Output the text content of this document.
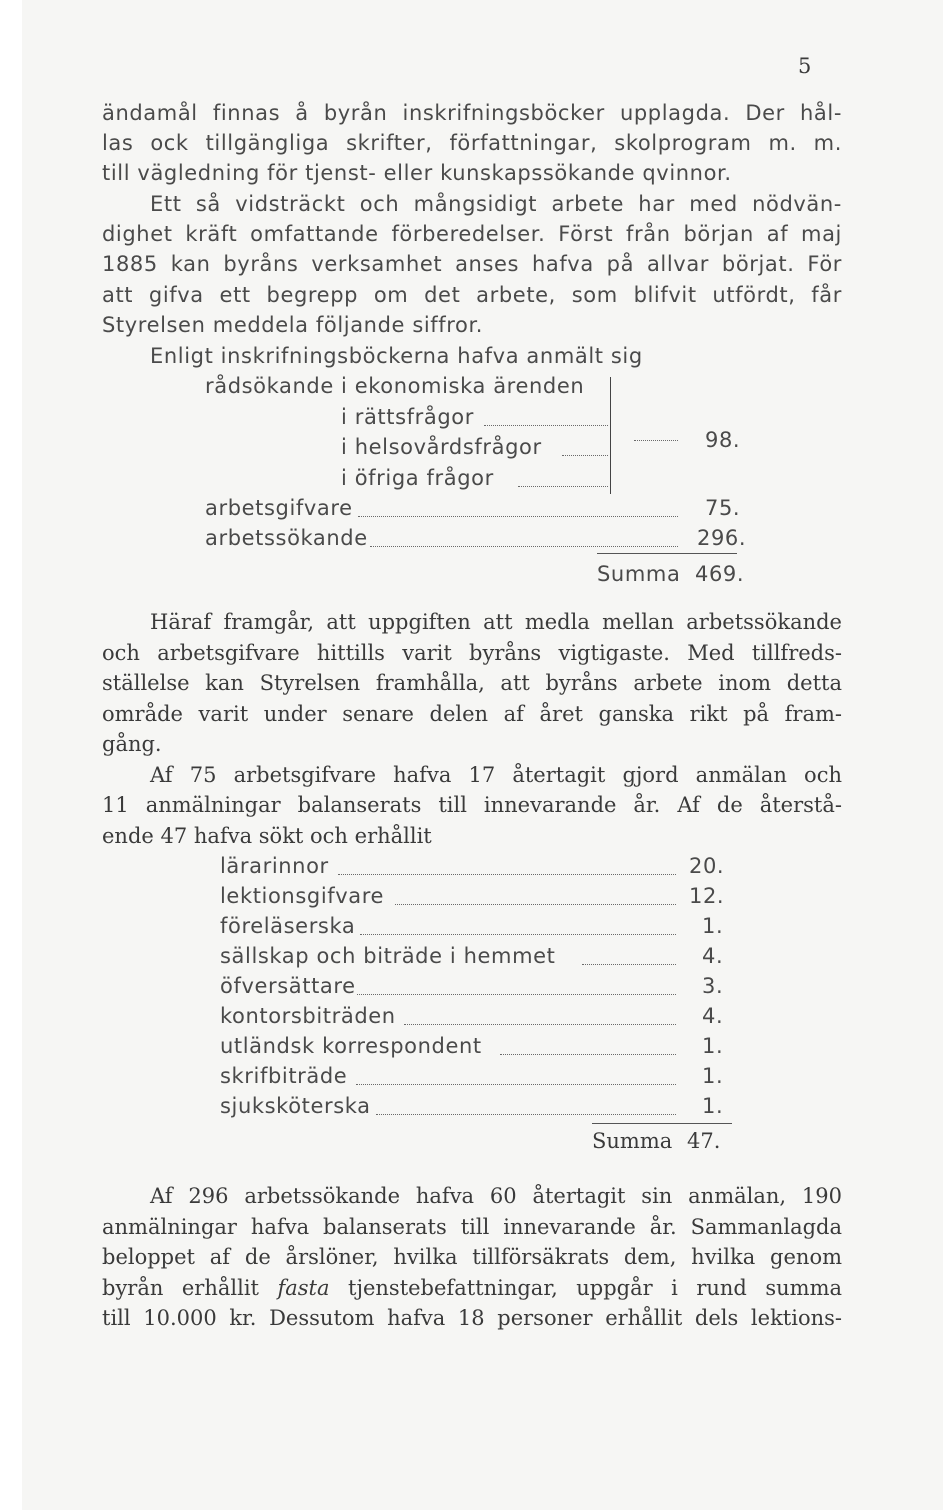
5
ändamål finnas å byrån inskrifningsböcker upplagda. Der hål-
las ock tillgängliga skrifter, författningar, skolprogram m. m.
till vägledning för tjenst- eller kunskapssökande qvinnor.
Ett så vidsträckt och mångsidigt arbete har med nödvän-
dighet kräft omfattande förberedelser. Först från början af maj
1885 kan byråns verksamhet anses hafva på allvar börjat. För
att gifva ett begrepp om det arbete, som blifvit utfördt, får
Styrelsen meddela följande siffror.
Enligt inskrifningsböckerna hafva anmält sig
rådsökande i ekonomiska ärenden
i rättsfrågor
i helsovårdsfrågor
i öfriga frågor
98.
arbetsgifvare	75.
arbetssökande	296.
Summa 469.
Häraf framgår, att uppgiften att medla mellan arbetssökande
och arbetsgifvare hittills varit byråns vigtigaste. Med tillfreds-
ställelse kan Styrelsen framhålla, att byråns arbete inom detta
område varit under senare delen af året ganska rikt på fram-
gång.
Af 75 arbetsgifvare hafva 17 återtagit gjord anmälan och
11 anmälningar balanserats till innevarande år. Af de återstå-
ende 47 hafva sökt och erhållit
lärarinnor	20.
lektionsgifvare	12.
föreläserska	1.
sällskap och biträde i hemmet	4.
öfversättare	3.
kontorsbiträden	4.
utländsk korrespondent	1.
skrifbiträde	1.
sjuksköterska	1.
Summa 47.
Af 296 arbetssökande hafva 60 återtagit sin anmälan, 190
anmälningar hafva balanserats till innevarande år. Sammanlagda
beloppet af de årslöner, hvilka tillförsäkrats dem, hvilka genom
byrån erhållit fasta tjenstebefattningar, uppgår i rund summa
till 10.000 kr. Dessutom hafva 18 personer erhållit dels lektions-
